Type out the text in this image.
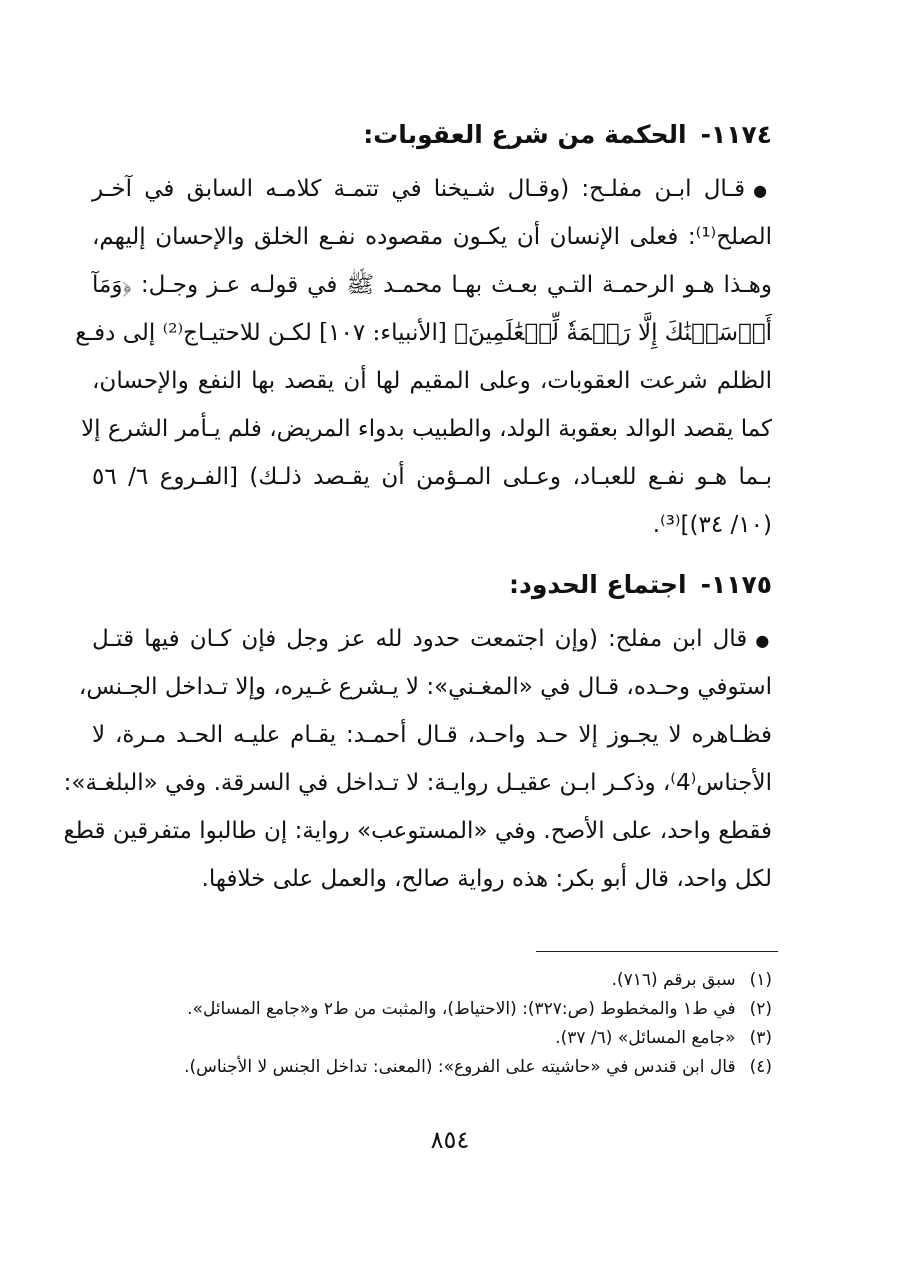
١١٧٤-الحكمة من شرع العقوبات:
●قـال ابـن مفلـح: (وقـال شـيخنا في تتمـة كلامـه السابق في آخـر
الصلح⁽¹⁾: فعلى الإنسان أن يكـون مقصوده نفـع الخلق والإحسان إليهم،
وهـذا هـو الرحمـة التـي بعـث بهـا محمـد ﷺ في قولـه عـز وجـل: ﴿وَمَآ
أَرۡسَلۡنَٰكَ إِلَّا رَحۡمَةٗ لِّلۡعَٰلَمِينَ﴾ [الأنبياء: ١٠٧] لكـن للاحتيـاج⁽²⁾ إلى دفـع
الظلم شرعت العقوبات، وعلى المقيم لها أن يقصد بها النفع والإحسان،
كما يقصد الوالد بعقوبة الولد، والطبيب بدواء المريض، فلم يـأمر الشرع إلا
بـما هـو نفـع للعبـاد، وعـلى المـؤمن أن يقـصد ذلـك) [الفـروع ٦/ ٥٦
(١٠/ ٣٤)]⁽³⁾.
١١٧٥-اجتماع الحدود:
●قال ابن مفلح: (وإن اجتمعت حدود لله عز وجل فإن كـان فيها قتـل
استوفي وحـده، قـال في «المغـني»: لا يـشرع غـيره، وإلا تـداخل الجـنس،
فظـاهره لا يجـوز إلا حـد واحـد، قـال أحمـد: يقـام عليـه الحـد مـرة، لا
الأجناس⁽4⁾، وذكـر ابـن عقيـل روايـة: لا تـداخل في السرقة. وفي «البلغـة»:
فقطع واحد، على الأصح. وفي «المستوعب» رواية: إن طالبوا متفرقين قطع
لكل واحد، قال أبو بكر: هذه رواية صالح، والعمل على خلافها.
(١)سبق برقم (٧١٦).
(٢)في ط١ والمخطوط (ص:٣٢٧): (الاحتياط)، والمثبت من ط٢ و«جامع المسائل».
(٣)«جامع المسائل» (٦/ ٣٧).
(٤)قال ابن قندس في «حاشيته على الفروع»: (المعنى: تداخل الجنس لا الأجناس).
٨٥٤
